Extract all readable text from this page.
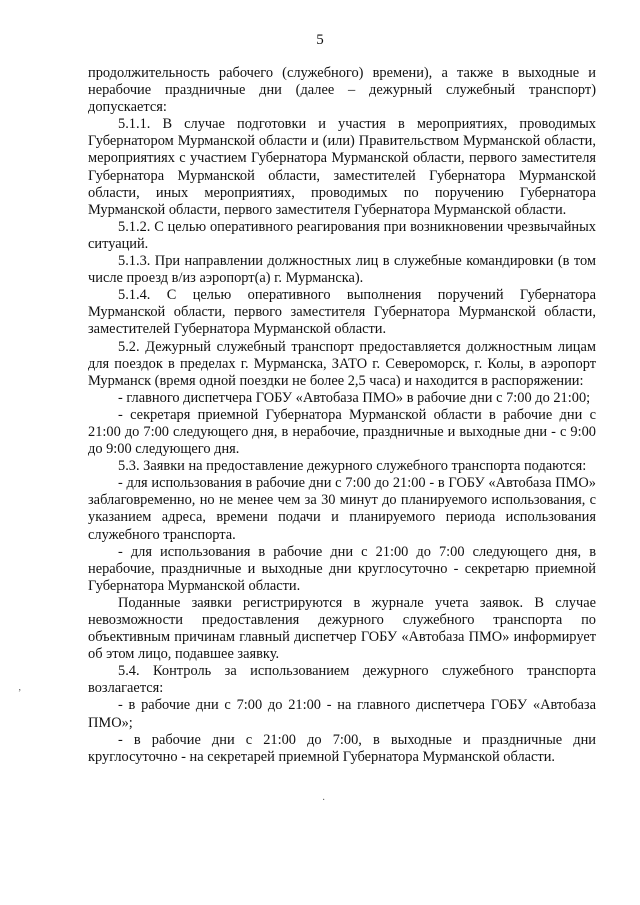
5

продолжительность рабочего (служебного) времени), а также в выходные и нерабочие праздничные дни (далее – дежурный служебный транспорт) допускается:

5.1.1. В случае подготовки и участия в мероприятиях, проводимых Губернатором Мурманской области и (или) Правительством Мурманской области, мероприятиях с участием Губернатора Мурманской области, первого заместителя Губернатора Мурманской области, заместителей Губернатора Мурманской области, иных мероприятиях, проводимых по поручению Губернатора Мурманской области, первого заместителя Губернатора Мурманской области.

5.1.2. С целью оперативного реагирования при возникновении чрезвычайных ситуаций.

5.1.3. При направлении должностных лиц в служебные командировки (в том числе проезд в/из аэропорт(а) г. Мурманска).

5.1.4. С целью оперативного выполнения поручений Губернатора Мурманской области, первого заместителя Губернатора Мурманской области, заместителей Губернатора Мурманской области.

5.2. Дежурный служебный транспорт предоставляется должностным лицам для поездок в пределах г. Мурманска, ЗАТО г. Североморск, г. Колы, в аэропорт Мурманск (время одной поездки не более 2,5 часа) и находится в распоряжении:

- главного диспетчера ГОБУ «Автобаза ПМО» в рабочие дни с 7:00 до 21:00;

- секретаря приемной Губернатора Мурманской области в рабочие дни с 21:00 до 7:00 следующего дня, в нерабочие, праздничные и выходные дни - с 9:00 до 9:00 следующего дня.

5.3. Заявки на предоставление дежурного служебного транспорта подаются:

- для использования в рабочие дни с 7:00 до 21:00 - в ГОБУ «Автобаза ПМО» заблаговременно, но не менее чем за 30 минут до планируемого использования, с указанием адреса, времени подачи и планируемого периода использования служебного транспорта.

- для использования в рабочие дни с 21:00 до 7:00 следующего дня, в нерабочие, праздничные и выходные дни круглосуточно - секретарю приемной Губернатора Мурманской области.

Поданные заявки регистрируются в журнале учета заявок. В случае невозможности предоставления дежурного служебного транспорта по объективным причинам главный диспетчер ГОБУ «Автобаза ПМО» информирует об этом лицо, подавшее заявку.

5.4. Контроль за использованием дежурного служебного транспорта возлагается:

- в рабочие дни с 7:00 до 21:00 - на главного диспетчера ГОБУ «Автобаза ПМО»;

- в рабочие дни с 21:00 до 7:00, в выходные и праздничные дни круглосуточно - на секретарей приемной Губернатора Мурманской области.

ʼ
·
